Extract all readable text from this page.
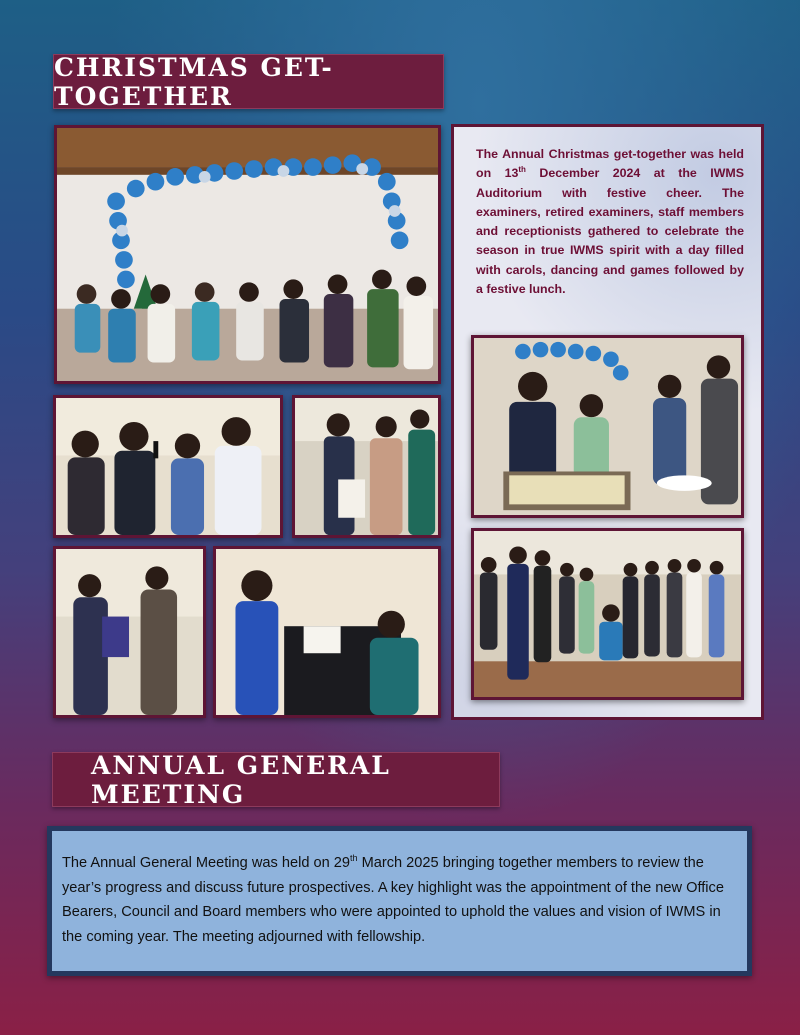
CHRISTMAS GET-TOGETHER

The Annual Christmas get-together was held on 13th December 2024 at the IWMS Auditorium with festive cheer. The examiners, retired examiners, staff members and receptionists gathered to celebrate the season in true IWMS spirit with a day filled with carols, dancing and games followed by a festive lunch.

ANNUAL GENERAL MEETING

The Annual General Meeting was held on 29th March 2025 bringing together members to review the year’s progress and discuss future prospectives. A key highlight was the appointment of the new Office Bearers, Council and Board members who were appointed to uphold the values and vision of IWMS in the coming year. The meeting adjourned with fellowship.
